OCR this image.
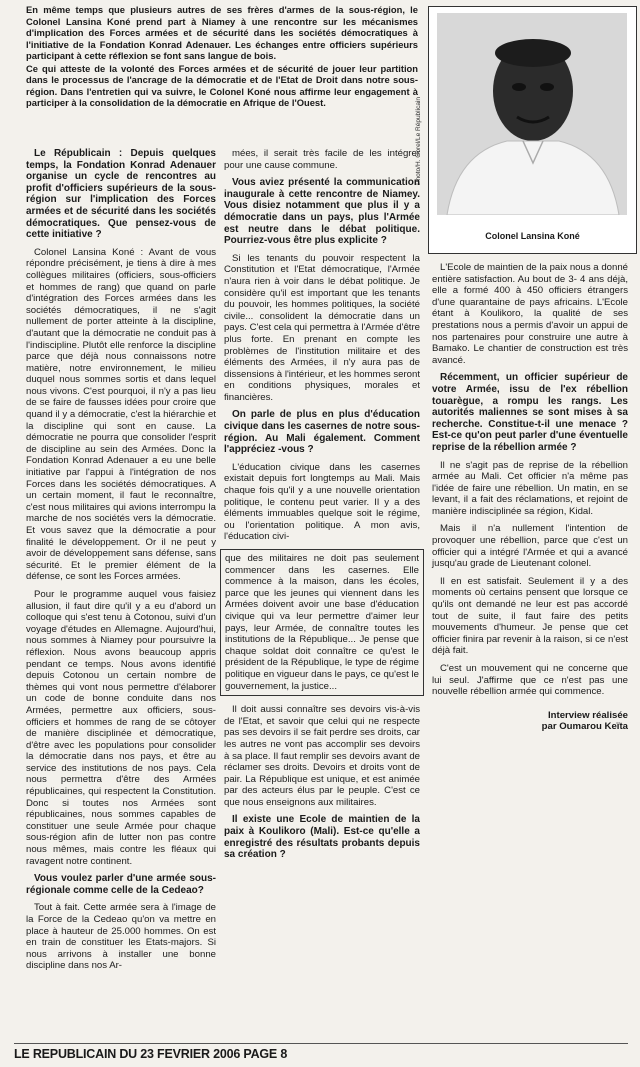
En même temps que plusieurs autres de ses frères d'armes de la sous-région, le Colonel Lansina Koné prend part à Niamey à une rencontre sur les mécanismes d'implication des Forces armées et de sécurité dans les sociétés démocratiques à l'initiative de la Fondation Konrad Adenauer. Les échanges entre officiers supérieurs participant à cette réflexion se font sans langue de bois.

Ce qui atteste de la volonté des Forces armées et de sécurité de jouer leur partition dans le processus de l'ancrage de la démocratie et de l'Etat de Droit dans notre sous-région. Dans l'entretien qui va suivre, le Colonel Koné nous affirme leur engagement à participer à la consolidation de la démocratie en Afrique de l'Ouest.	Photo/H. Gorel/Le Républicain
Colonel Lansina Koné

Le Républicain : Depuis quelques temps, la Fondation Konrad Adenauer organise un cycle de rencontres au profit d'officiers supérieurs de la sous-région sur l'implication des Forces armées et de sécurité dans les sociétés démocratiques. Que pensez-vous de cette initiative ?

Colonel Lansina Koné : Avant de vous répondre précisément, je tiens à dire à mes collègues militaires (officiers, sous-officiers et hommes de rang) que quand on parle d'intégration des Forces armées dans les sociétés démocratiques, il ne s'agit nullement de porter atteinte à la discipline, d'autant que la démocratie ne conduit pas à l'indiscipline. Plutôt elle renforce la discipline parce que déjà nous connaissons notre matière, notre environnement, le milieu duquel nous sommes sortis et dans lequel nous vivons. C'est pourquoi, il n'y a pas lieu de se faire de fausses idées pour croire que quand il y a démocratie, c'est la hiérarchie et la discipline qui sont en cause. La démocratie ne pourra que consolider l'esprit de discipline au sein des Armées. Donc la Fondation Konrad Adenauer a eu une belle initiative par l'appui à l'intégration de nos Forces dans les sociétés démocratiques. A un certain moment, il faut le reconnaître, c'est nous militaires qui avions interrompu la marche de nos sociétés vers la démocratie. Et vous savez que la démocratie a pour finalité le développement. Or il ne peut y avoir de développement sans défense, sans sécurité. Et le premier élément de la défense, ce sont les Forces armées.

Pour le programme auquel vous faisiez allusion, il faut dire qu'il y a eu d'abord un colloque qui s'est tenu à Cotonou, suivi d'un voyage d'études en Allemagne. Aujourd'hui, nous sommes à Niamey pour poursuivre la réflexion. Nous avons beaucoup appris pendant ce temps. Nous avons identifié depuis Cotonou un certain nombre de thèmes qui vont nous permettre d'élaborer un code de bonne conduite dans nos Armées, permettre aux officiers, sous-officiers et hommes de rang de se côtoyer de manière disciplinée et démocratique, d'être avec les populations pour consolider la démocratie dans nos pays, et être au service des institutions de nos pays. Cela nous permettra d'être des Armées républicaines, qui respectent la Constitution. Donc si toutes nos Armées sont républicaines, nous sommes capables de constituer une seule Armée pour chaque sous-région afin de lutter non pas contre nous mêmes, mais contre les fléaux qui ravagent notre continent.

Vous voulez parler d'une armée sous-régionale comme celle de la Cedeao?

Tout à fait. Cette armée sera à l'image de la Force de la Cedeao qu'on va mettre en place à hauteur de 25.000 hommes. On est en train de constituer les Etats-majors. Si nous arrivons à installer une bonne discipline dans nos Ar-

mées, il serait très facile de les intégrer pour une cause commune.

Vous aviez présenté la communication inaugurale à cette rencontre de Niamey. Vous disiez notamment que plus il y a démocratie dans un pays, plus l'Armée est neutre dans le débat politique. Pourriez-vous être plus explicite ?

Si les tenants du pouvoir respectent la Constitution et l'Etat démocratique, l'Armée n'aura rien à voir dans le débat politique. Je considère qu'il est important que les tenants du pouvoir, les hommes politiques, la société civile... consolident la démocratie dans un pays. C'est cela qui permettra à l'Armée d'être plus forte. En prenant en compte les problèmes de l'institution militaire et des éléments des Armées, il n'y aura pas de dissensions à l'intérieur, et les hommes seront en conditions physiques, morales et financières.

On parle de plus en plus d'éducation civique dans les casernes de notre sous-région. Au Mali également. Comment l'appréciez -vous ?

L'éducation civique dans les casernes existait depuis fort longtemps au Mali. Mais chaque fois qu'il y a une nouvelle orientation politique, le contenu peut varier. Il y a des éléments immuables quelque soit le régime, ou l'orientation politique. A mon avis, l'éducation civi-

que des militaires ne doit pas seulement commencer dans les casernes. Elle commence à la maison, dans les écoles, parce que les jeunes qui viennent dans les Armées doivent avoir une base d'éducation civique qui va leur permettre d'aimer leur pays, leur Armée, de connaître toutes les institutions de la République... Je pense que chaque soldat doit connaître ce qu'est le président de la République, le type de régime politique en vigueur dans le pays, ce qu'est le gouvernement, la justice...

Il doit aussi connaître ses devoirs vis-à-vis de l'Etat, et savoir que celui qui ne respecte pas ses devoirs il se fait perdre ses droits, car les autres ne vont pas accomplir ses devoirs à sa place. Il faut remplir ses devoirs avant de réclamer ses droits. Devoirs et droits vont de pair. La République est unique, et est animée par des acteurs élus par le peuple. C'est ce que nous enseignons aux militaires.

Il existe une Ecole de maintien de la paix à Koulikoro (Mali). Est-ce qu'elle a enregistré des résultats probants depuis sa création ?

L'Ecole de maintien de la paix nous a donné entière satisfaction. Au bout de 3- 4 ans déjà, elle a formé 400 à 450 officiers étrangers d'une quarantaine de pays africains. L'Ecole étant à Koulikoro, la qualité de ses prestations nous a permis d'avoir un appui de nos partenaires pour construire une autre à Bamako. Le chantier de construction est très avancé.

Récemment, un officier supérieur de votre Armée, issu de l'ex rébellion touarègue, a rompu les rangs. Les autorités maliennes se sont mises à sa recherche. Constitue-t-il une menace ? Est-ce qu'on peut parler d'une éventuelle reprise de la rébellion armée ?

Il ne s'agit pas de reprise de la rébellion armée au Mali. Cet officier n'a même pas l'idée de faire une rébellion. Un matin, en se levant, il a fait des réclamations, et rejoint de manière indisciplinée sa région, Kidal.

Mais il n'a nullement l'intention de provoquer une rébellion, parce que c'est un officier qui a intégré l'Armée et qui a avancé jusqu'au grade de Lieutenant colonel.

Il en est satisfait. Seulement il y a des moments où certains pensent que lorsque ce qu'ils ont demandé ne leur est pas accordé tout de suite, il faut faire des petits mouvements d'humeur. Je pense que cet officier finira par revenir à la raison, si ce n'est déjà fait.

C'est un mouvement qui ne concerne que lui seul. J'affirme que ce n'est pas une nouvelle rébellion armée qui commence.

Interview réalisée
par Oumarou Keïta

LE REPUBLICAIN DU 23 FEVRIER 2006 PAGE 8
